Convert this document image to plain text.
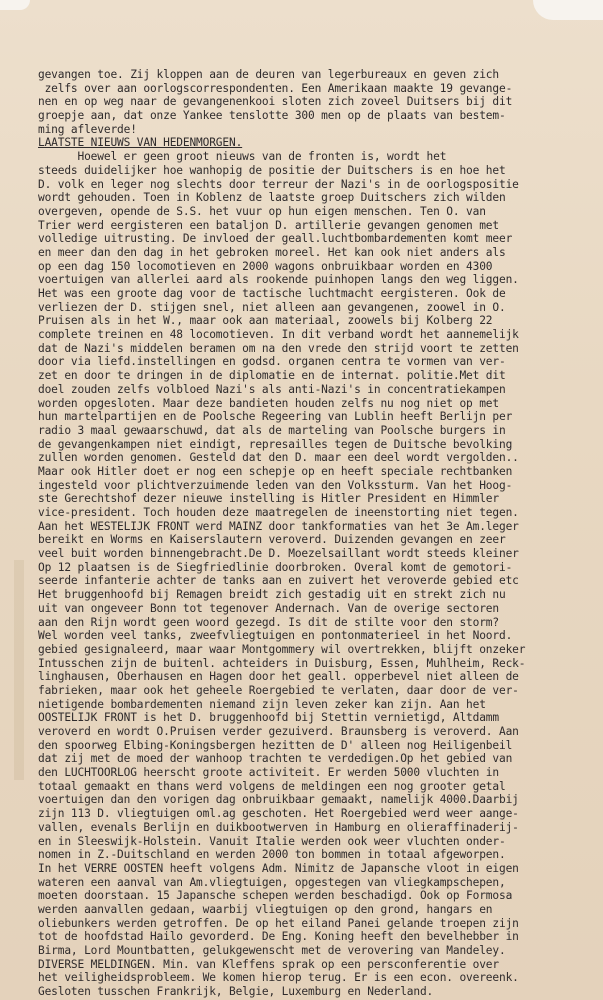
gevangen toe. Zij kloppen aan de deuren van legerbureaux en geven zich
zelfs over aan oorlogscorrespondenten. Een Amerikaan maakte 19 gevange-
nen en op weg naar de gevangenenkooi sloten zich zoveel Duitsers bij dit
groepje aan, dat onze Yankee tenslotte 300 men op de plaats van bestem-
ming afleverde!
LAATSTE NIEUWS VAN HEDENMORGEN.
Hoewel er geen groot nieuws van de fronten is, wordt het
steeds duidelijker hoe wanhopig de positie der Duitschers is en hoe het
D. volk en leger nog slechts door terreur der Nazi's in de oorlogspositie
wordt gehouden. Toen in Koblenz de laatste groep Duitschers zich wilden
overgeven, opende de S.S. het vuur op hun eigen menschen. Ten O. van
Trier werd eergisteren een bataljon D. artillerie gevangen genomen met
volledige uitrusting. De invloed der geall.luchtbombardementen komt meer
en meer dan den dag in het gebroken moreel. Het kan ook niet anders als
op een dag 150 locomotieven en 2000 wagons onbruikbaar worden en 4300
voertuigen van allerlei aard als rookende puinhopen langs den weg liggen.
Het was een groote dag voor de tactische luchtmacht eergisteren. Ook de
verliezen der D. stijgen snel, niet alleen aan gevangenen, zoowel in O.
Pruisen als in het W., maar ook aan materiaal, zoowels bij Kolberg 22
complete treinen en 48 locomotieven. In dit verband wordt het aannemelijk
dat de Nazi's middelen beramen om na den vrede den strijd voort te zetten
door via liefd.instellingen en godsd. organen centra te vormen van ver-
zet en door te dringen in de diplomatie en de internat. politie.Met dit
doel zouden zelfs volbloed Nazi's als anti-Nazi's in concentratiekampen
worden opgesloten. Maar deze bandieten houden zelfs nu nog niet op met
hun martelpartijen en de Poolsche Regeering van Lublin heeft Berlijn per
radio 3 maal gewaarschuwd, dat als de marteling van Poolsche burgers in
de gevangenkampen niet eindigt, represailles tegen de Duitsche bevolking
zullen worden genomen. Gesteld dat den D. maar een deel wordt vergolden..
Maar ook Hitler doet er nog een schepje op en heeft speciale rechtbanken
ingesteld voor plichtverzuimende leden van den Volkssturm. Van het Hoog-
ste Gerechtshof dezer nieuwe instelling is Hitler President en Himmler
vice-president. Toch houden deze maatregelen de ineenstorting niet tegen.
Aan het WESTELIJK FRONT werd MAINZ door tankformaties van het 3e Am.leger
bereikt en Worms en Kaiserslautern veroverd. Duizenden gevangen en zeer
veel buit worden binnengebracht.De D. Moezelsaillant wordt steeds kleiner
Op 12 plaatsen is de Siegfriedlinie doorbroken. Overal komt de gemotori-
seerde infanterie achter de tanks aan en zuivert het veroverde gebied etc
Het bruggenhoofd bij Remagen breidt zich gestadig uit en strekt zich nu
uit van ongeveer Bonn tot tegenover Andernach. Van de overige sectoren
aan den Rijn wordt geen woord gezegd. Is dit de stilte voor den storm?
Wel worden veel tanks, zweefvliegtuigen en pontonmaterieel in het Noord.
gebied gesignaleerd, maar waar Montgommery wil overtrekken, blijft onzeker
Intusschen zijn de buitenl. achteiders in Duisburg, Essen, Muhlheim, Reck-
linghausen, Oberhausen en Hagen door het geall. opperbevel niet alleen de
fabrieken, maar ook het geheele Roergebied te verlaten, daar door de ver-
nietigende bombardementen niemand zijn leven zeker kan zijn. Aan het
OOSTELIJK FRONT is het D. bruggenhoofd bij Stettin vernietigd, Altdamm
veroverd en wordt O.Pruisen verder gezuiverd. Braunsberg is veroverd. Aan
den spoorweg Elbing-Koningsbergen hezitten de D' alleen nog Heiligenbeil
dat zij met de moed der wanhoop trachten te verdedigen.Op het gebied van
den LUCHTOORLOG heerscht groote activiteit. Er werden 5000 vluchten in
totaal gemaakt en thans werd volgens de meldingen een nog grooter getal
voertuigen dan den vorigen dag onbruikbaar gemaakt, namelijk 4000.Daarbij
zijn 113 D. vliegtuigen oml.ag geschoten. Het Roergebied werd weer aange-
vallen, evenals Berlijn en duikbootwerven in Hamburg en olieraffinaderij-
en in Sleeswijk-Holstein. Vanuit Italie werden ook weer vluchten onder-
nomen in Z.-Duitschland en werden 2000 ton bommen in totaal afgeworpen.
In het VERRE OOSTEN heeft volgens Adm. Nimitz de Japansche vloot in eigen
wateren een aanval van Am.vliegtuigen, opgestegen van vliegkampschepen,
moeten doorstaan. 15 Japansche schepen werden beschadigd. Ook op Formosa
werden aanvallen gedaan, waarbij vliegtuigen op den grond, hangars en
oliebunkers werden getroffen. De op het eiland Panei gelande troepen zijn
tot de hoofdstad Hailo gevorderd. De Eng. Koning heeft den bevelhebber in
Birma, Lord Mountbatten, gelukgewenscht met de verovering van Mandeley.
DIVERSE MELDINGEN. Min. van Kleffens sprak op een persconferentie over
het veiligheidsprobleem. We komen hierop terug. Er is een econ. overeenk.
Gesloten tusschen Frankrijk, Belgie, Luxemburg en Nederland.
